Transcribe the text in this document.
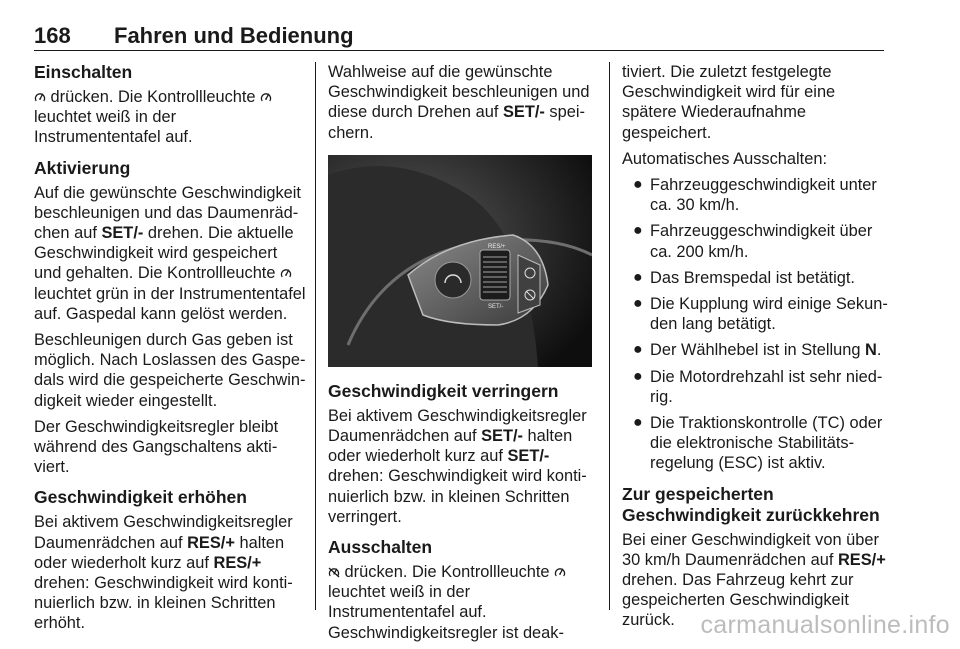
168 Fahren und Bedienung
Einschalten

drücken. Die Kontrollleuchte  leuchtet weiß in der Instrumententafel auf.

Aktivierung

Auf die gewünschte Geschwindigkeit beschleunigen und das Daumenrädchen auf SET/- drehen. Die aktuelle Geschwindigkeit wird gespeichert und gehalten. Die Kontrollleuchte  leuchtet grün in der Instrumententafel auf. Gaspedal kann gelöst werden.

Beschleunigen durch Gas geben ist möglich. Nach Loslassen des Gaspedals wird die gespeicherte Geschwindigkeit wieder eingestellt.

Der Geschwindigkeitsregler bleibt während des Gangschaltens aktiviert.

Geschwindigkeit erhöhen

Bei aktivem Geschwindigkeitsregler Daumenrädchen auf RES/+ halten oder wiederholt kurz auf RES/+ drehen: Geschwindigkeit wird kontinuierlich bzw. in kleinen Schritten erhöht.

Wahlweise auf die gewünschte Geschwindigkeit beschleunigen und diese durch Drehen auf SET/- speichern.

RES/+
SET/-
Geschwindigkeit verringern

Bei aktivem Geschwindigkeitsregler Daumenrädchen auf SET/- halten oder wiederholt kurz auf SET/- drehen: Geschwindigkeit wird kontinuierlich bzw. in kleinen Schritten verringert.

Ausschalten

drücken. Die Kontrollleuchte  leuchtet weiß in der Instrumententafel auf. Geschwindigkeitsregler ist deak-

tiviert. Die zuletzt festgelegte Geschwindigkeit wird für eine spätere Wiederaufnahme gespeichert.

Automatisches Ausschalten:

● Fahrzeuggeschwindigkeit unter ca. 30 km/h.
● Fahrzeuggeschwindigkeit über ca. 200 km/h.
● Das Bremspedal ist betätigt.
● Die Kupplung wird einige Sekunden lang betätigt.
● Der Wählhebel ist in Stellung N.
● Die Motordrehzahl ist sehr niedrig.
● Die Traktionskontrolle (TC) oder die elektronische Stabilitätsregelung (ESC) ist aktiv.
Zur gespeicherten
Geschwindigkeit zurückkehren

Bei einer Geschwindigkeit von über 30 km/h Daumenrädchen auf RES/+ drehen. Das Fahrzeug kehrt zur gespeicherten Geschwindigkeit zurück.	carmanualsonline.info
